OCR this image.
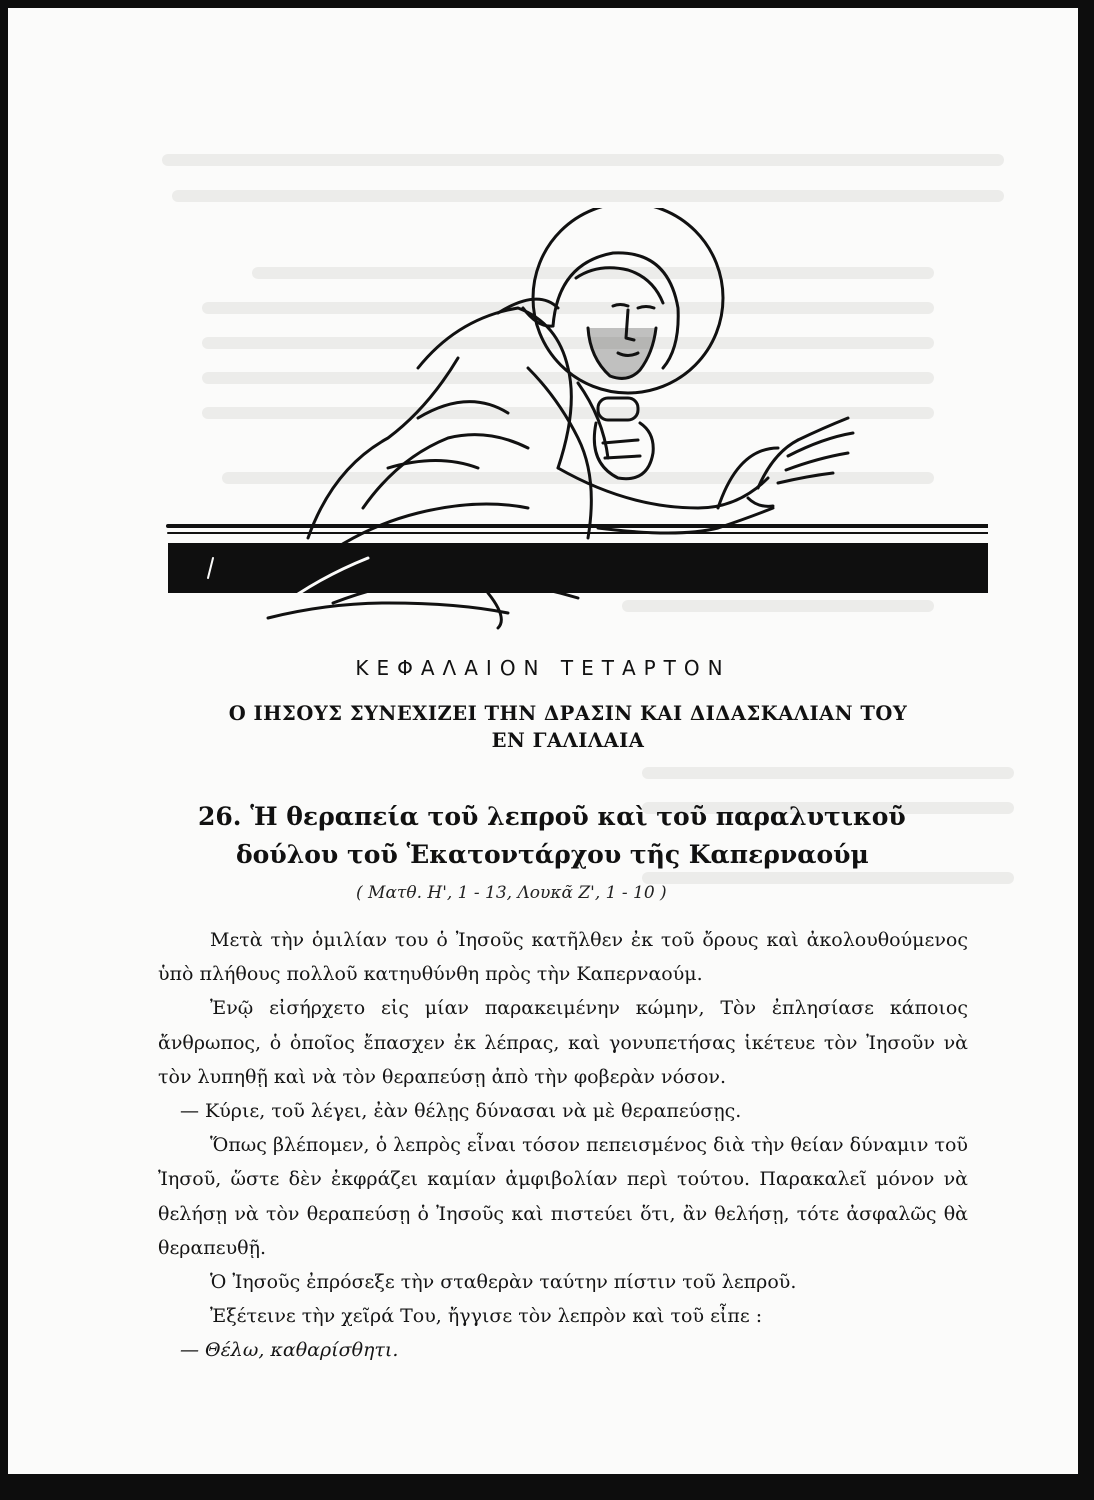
ΚΕΦΑΛΑΙΟΝ ΤΕΤΑΡΤΟΝ
Ο ΙΗΣΟΥΣ ΣΥΝΕΧΙΖΕΙ ΤΗΝ ΔΡΑΣΙΝ ΚΑΙ ΔΙΔΑΣΚΑΛΙΑΝ ΤΟΥ
ΕΝ ΓΑΛΙΛΑΙΑ
26. Ἡ θεραπεία τοῦ λεπροῦ καὶ τοῦ παραλυτικοῦ
δούλου τοῦ Ἑκατοντάρχου τῆς Καπερναούμ
( Ματθ. Η', 1 - 13, Λουκᾶ Ζ', 1 - 10 )

Μετὰ τὴν ὁμιλίαν του ὁ Ἰησοῦς κατῆλθεν ἐκ τοῦ ὄρους καὶ ἀκολουθούμενος ὑπὸ πλήθους πολλοῦ κατηυθύνθη πρὸς τὴν Καπερναούμ.

Ἐνῷ εἰσήρχετο εἰς μίαν παρακειμένην κώμην, Τὸν ἐπλησίασε κάποιος ἄνθρωπος, ὁ ὁποῖος ἔπασχεν ἐκ λέπρας, καὶ γονυπετήσας ἱκέτευε τὸν Ἰησοῦν νὰ τὸν λυπηθῇ καὶ νὰ τὸν θεραπεύσῃ ἀπὸ τὴν φοβερὰν νόσον.

— Κύριε, τοῦ λέγει, ἐὰν θέλῃς δύνασαι νὰ μὲ θεραπεύσῃς.

Ὅπως βλέπομεν, ὁ λεπρὸς εἶναι τόσον πεπεισμένος διὰ τὴν θείαν δύναμιν τοῦ Ἰησοῦ, ὥστε δὲν ἐκφράζει καμίαν ἀμφιβολίαν περὶ τούτου. Παρακαλεῖ μόνον νὰ θελήσῃ νὰ τὸν θεραπεύσῃ ὁ Ἰησοῦς καὶ πιστεύει ὅτι, ἂν θελήσῃ, τότε ἀσφαλῶς θὰ θεραπευθῇ.

Ὁ Ἰησοῦς ἐπρόσεξε τὴν σταθερὰν ταύτην πίστιν τοῦ λεπροῦ.

Ἐξέτεινε τὴν χεῖρά Του, ἤγγισε τὸν λεπρὸν καὶ τοῦ εἶπε :

— Θέλω, καθαρίσθητι.
